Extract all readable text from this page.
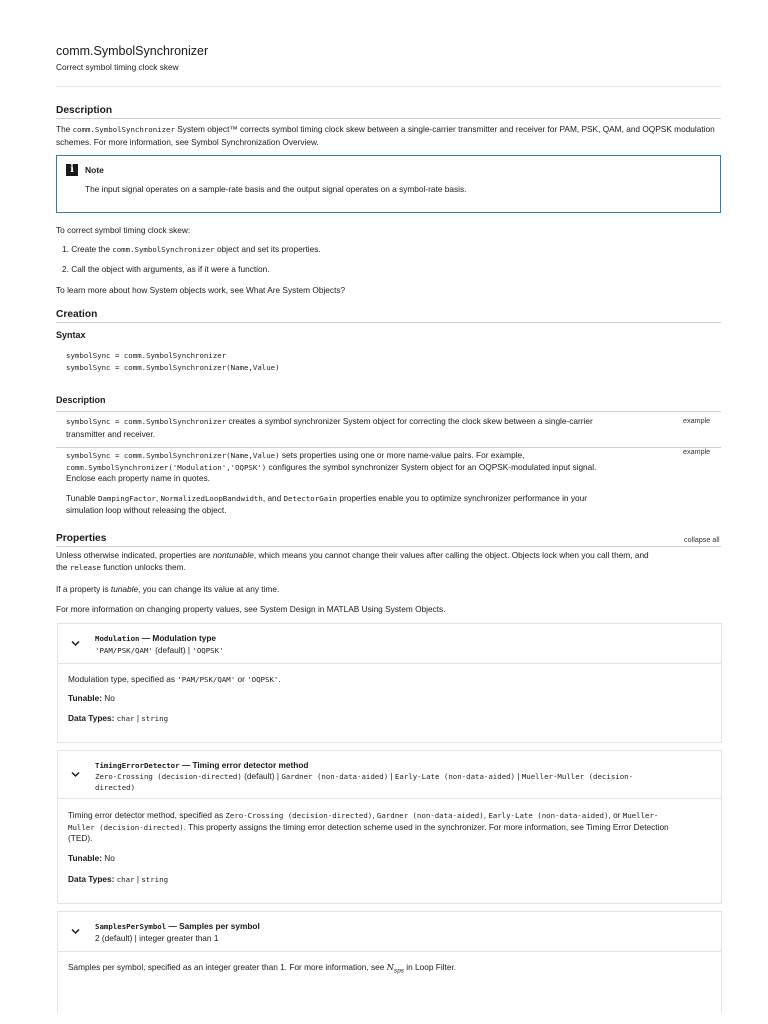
comm.SymbolSynchronizer
Correct symbol timing clock skew
Description
The comm.SymbolSynchronizer System object™ corrects symbol timing clock skew between a single-carrier transmitter and receiver for PAM, PSK, QAM, and OQPSK modulation schemes. For more information, see Symbol Synchronization Overview.
i	Note
The input signal operates on a sample-rate basis and the output signal operates on a symbol-rate basis.
To correct symbol timing clock skew:
1. Create the comm.SymbolSynchronizer object and set its properties.
2. Call the object with arguments, as if it were a function.
To learn more about how System objects work, see What Are System Objects?
Creation
Syntax
symbolSync = comm.SymbolSynchronizer
symbolSync = comm.SymbolSynchronizer(Name,Value)
Description
symbolSync = comm.SymbolSynchronizer creates a symbol synchronizer System object for correcting the clock skew between a single-carrier
transmitter and receiver.
example
symbolSync = comm.SymbolSynchronizer(Name,Value) sets properties using one or more name-value pairs. For example,
comm.SymbolSynchronizer('Modulation','OQPSK') configures the symbol synchronizer System object for an OQPSK-modulated input signal.
Enclose each property name in quotes.
example
Tunable DampingFactor, NormalizedLoopBandwidth, and DetectorGain properties enable you to optimize synchronizer performance in your
simulation loop without releasing the object.
Properties	collapse all
Unless otherwise indicated, properties are nontunable, which means you cannot change their values after calling the object. Objects lock when you call them, and
the release function unlocks them.
If a property is tunable, you can change its value at any time.
For more information on changing property values, see System Design in MATLAB Using System Objects.
Modulation — Modulation type
'PAM/PSK/QAM' (default) | 'OQPSK'
Modulation type, specified as 'PAM/PSK/QAM' or 'OQPSK'.
Tunable: No
Data Types: char | string
TimingErrorDetector — Timing error detector method
Zero-Crossing (decision-directed) (default) | Gardner (non-data-aided) | Early-Late (non-data-aided) | Mueller-Muller (decision-
directed)
Timing error detector method, specified as Zero-Crossing (decision-directed), Gardner (non-data-aided), Early-Late (non-data-aided), or Mueller-
Muller (decision-directed). This property assigns the timing error detection scheme used in the synchronizer. For more information, see Timing Error Detection
(TED).
Tunable: No
Data Types: char | string
SamplesPerSymbol — Samples per symbol
2 (default) | integer greater than 1
Samples per symbol, specified as an integer greater than 1. For more information, see $N_{sps}$ in Loop Filter.
